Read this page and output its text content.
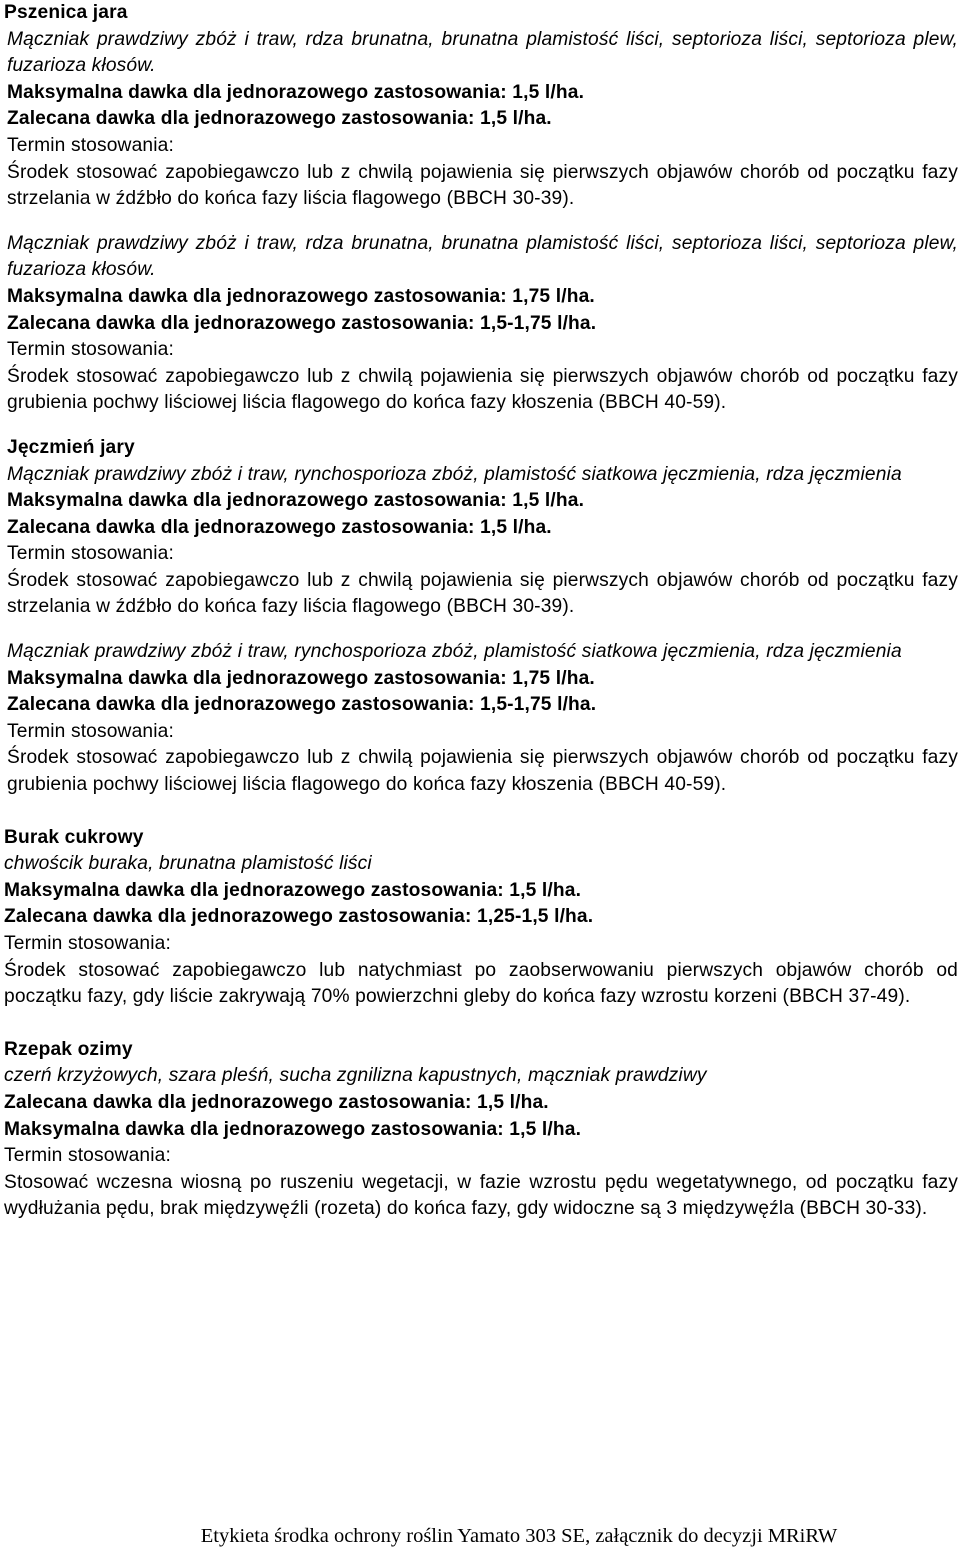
Pszenica jara
Mączniak prawdziwy zbóż i traw, rdza brunatna, brunatna plamistość liści, septorioza liści, septorioza plew, fuzarioza kłosów.
Maksymalna dawka dla jednorazowego zastosowania: 1,5 l/ha.
Zalecana dawka dla jednorazowego zastosowania: 1,5 l/ha.
Termin stosowania:
Środek stosować zapobiegawczo lub z chwilą pojawienia się pierwszych objawów chorób od początku fazy strzelania w źdźbło do końca fazy liścia flagowego (BBCH 30-39).
Mączniak prawdziwy zbóż i traw, rdza brunatna, brunatna plamistość liści, septorioza liści, septorioza plew, fuzarioza kłosów.
Maksymalna dawka dla jednorazowego zastosowania: 1,75 l/ha.
Zalecana dawka dla jednorazowego zastosowania: 1,5-1,75 l/ha.
Termin stosowania:
Środek stosować zapobiegawczo lub z chwilą pojawienia się pierwszych objawów chorób od początku fazy grubienia pochwy liściowej liścia flagowego do końca fazy kłoszenia (BBCH 40-59).
Jęczmień jary
Mączniak prawdziwy zbóż i traw, rynchosporioza zbóż, plamistość siatkowa jęczmienia, rdza jęczmienia
Maksymalna dawka dla jednorazowego zastosowania: 1,5 l/ha.
Zalecana dawka dla jednorazowego zastosowania: 1,5 l/ha.
Termin stosowania:
Środek stosować zapobiegawczo lub z chwilą pojawienia się pierwszych objawów chorób od początku fazy strzelania w źdźbło do końca fazy liścia flagowego (BBCH 30-39).
Mączniak prawdziwy zbóż i traw, rynchosporioza zbóż, plamistość siatkowa jęczmienia, rdza jęczmienia
Maksymalna dawka dla jednorazowego zastosowania: 1,75 l/ha.
Zalecana dawka dla jednorazowego zastosowania: 1,5-1,75 l/ha.
Termin stosowania:
Środek stosować zapobiegawczo lub z chwilą pojawienia się pierwszych objawów chorób od początku fazy grubienia pochwy liściowej liścia flagowego do końca fazy kłoszenia (BBCH 40-59).
Burak cukrowy
chwościk buraka, brunatna plamistość liści
Maksymalna dawka dla jednorazowego zastosowania: 1,5 l/ha.
Zalecana dawka dla jednorazowego zastosowania: 1,25-1,5 l/ha.
Termin stosowania:
Środek stosować zapobiegawczo lub natychmiast po zaobserwowaniu pierwszych objawów chorób od początku fazy, gdy liście zakrywają 70% powierzchni gleby do końca fazy wzrostu korzeni (BBCH 37-49).
Rzepak ozimy
czerń krzyżowych, szara pleśń, sucha zgnilizna kapustnych, mączniak prawdziwy
Zalecana dawka dla jednorazowego zastosowania: 1,5 l/ha.
Maksymalna dawka dla jednorazowego zastosowania: 1,5 l/ha.
Termin stosowania:
Stosować wczesna wiosną po ruszeniu wegetacji, w fazie wzrostu pędu wegetatywnego, od początku fazy wydłużania pędu, brak międzywęźli (rozeta) do końca fazy, gdy widoczne są 3 międzywęźla (BBCH 30-33).
Etykieta środka ochrony roślin Yamato 303 SE, załącznik do decyzji MRiRW
